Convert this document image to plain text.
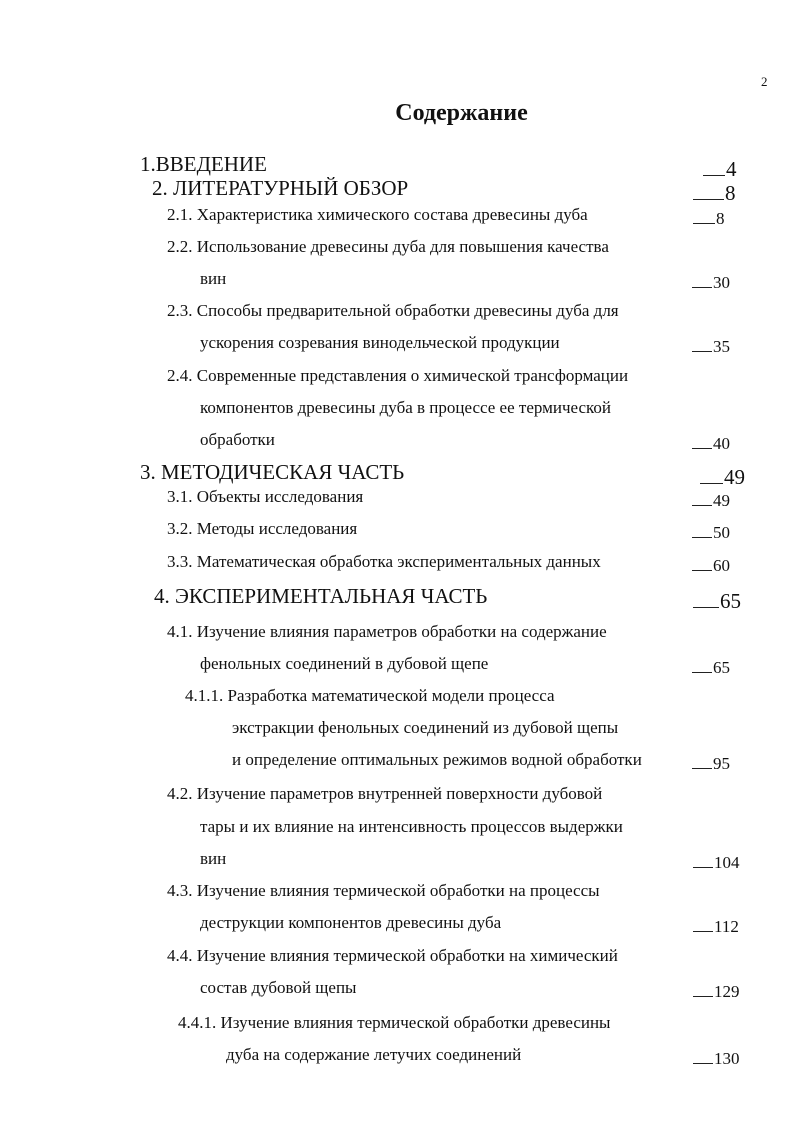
2
Содержание
1.ВВЕДЕНИЕ	4
2. ЛИТЕРАТУРНЫЙ ОБЗОР	8
2.1. Характеристика химического состава древесины дуба	8
2.2. Использование древесины дуба для повышения качества
вин	30
2.3. Способы предварительной обработки древесины дуба для
ускорения созревания винодельческой продукции	35
2.4. Современные представления о химической трансформации
компонентов древесины дуба в процессе ее термической
обработки	40
3. МЕТОДИЧЕСКАЯ ЧАСТЬ	49
3.1. Объекты исследования	49
3.2. Методы исследования	50
3.3. Математическая обработка экспериментальных данных	60
4. ЭКСПЕРИМЕНТАЛЬНАЯ ЧАСТЬ	65
4.1. Изучение влияния параметров обработки на содержание
фенольных соединений в дубовой щепе	65
4.1.1. Разработка математической модели процесса
экстракции фенольных соединений из дубовой щепы
и определение оптимальных режимов водной обработки	95
4.2. Изучение параметров внутренней поверхности дубовой
тары и их влияние на интенсивность процессов выдержки
вин	104
4.3. Изучение влияния термической обработки на процессы
деструкции компонентов древесины дуба	112
4.4. Изучение влияния термической обработки на химический
состав дубовой щепы	129
4.4.1. Изучение влияния термической обработки древесины
дуба на содержание летучих соединений	130
